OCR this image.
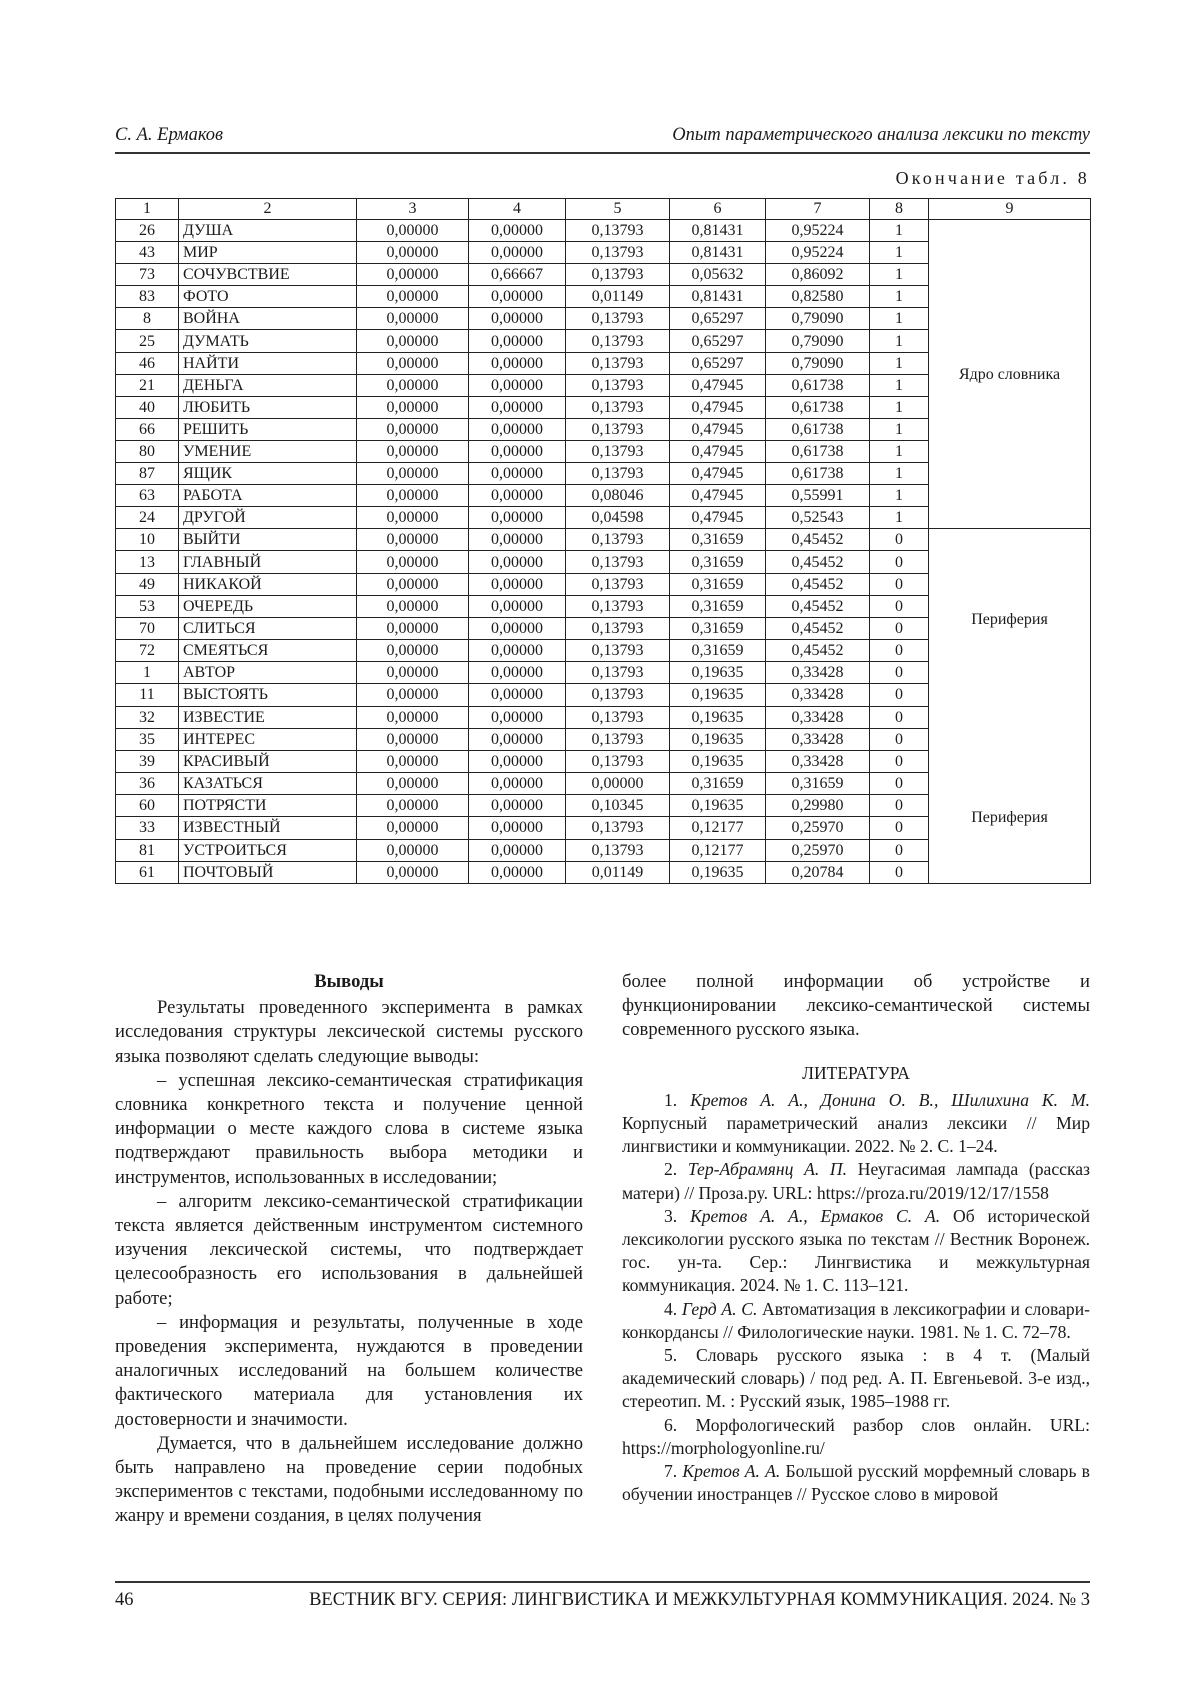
С. А. Ермаков	Опыт параметрического анализа лексики по тексту
Окончание табл. 8
1	2	3	4	5	6	7	8	9
26	ДУША	0,00000	0,00000	0,13793	0,81431	0,95224	1	Ядро словника

43	МИР	0,00000	0,00000	0,13793	0,81431	0,95224	1	
73	СОЧУВСТВИЕ	0,00000	0,66667	0,13793	0,05632	0,86092	1	
83	ФОТО	0,00000	0,00000	0,01149	0,81431	0,82580	1	
8	ВОЙНА	0,00000	0,00000	0,13793	0,65297	0,79090	1	
25	ДУМАТЬ	0,00000	0,00000	0,13793	0,65297	0,79090	1	
46	НАЙТИ	0,00000	0,00000	0,13793	0,65297	0,79090	1	
21	ДЕНЬГА	0,00000	0,00000	0,13793	0,47945	0,61738	1	
40	ЛЮБИТЬ	0,00000	0,00000	0,13793	0,47945	0,61738	1	
66	РЕШИТЬ	0,00000	0,00000	0,13793	0,47945	0,61738	1	
80	УМЕНИЕ	0,00000	0,00000	0,13793	0,47945	0,61738	1	
87	ЯЩИК	0,00000	0,00000	0,13793	0,47945	0,61738	1	
63	РАБОТА	0,00000	0,00000	0,08046	0,47945	0,55991	1	
24	ДРУГОЙ	0,00000	0,00000	0,04598	0,47945	0,52543	1	
10	ВЫЙТИ	0,00000	0,00000	0,13793	0,31659	0,45452	0	Периферия
Периферия

13	ГЛАВНЫЙ	0,00000	0,00000	0,13793	0,31659	0,45452	0	
49	НИКАКОЙ	0,00000	0,00000	0,13793	0,31659	0,45452	0	
53	ОЧЕРЕДЬ	0,00000	0,00000	0,13793	0,31659	0,45452	0	
70	СЛИТЬСЯ	0,00000	0,00000	0,13793	0,31659	0,45452	0	
72	СМЕЯТЬСЯ	0,00000	0,00000	0,13793	0,31659	0,45452	0	
1	АВТОР	0,00000	0,00000	0,13793	0,19635	0,33428	0	
11	ВЫСТОЯТЬ	0,00000	0,00000	0,13793	0,19635	0,33428	0	
32	ИЗВЕСТИЕ	0,00000	0,00000	0,13793	0,19635	0,33428	0	
35	ИНТЕРЕС	0,00000	0,00000	0,13793	0,19635	0,33428	0	
39	КРАСИВЫЙ	0,00000	0,00000	0,13793	0,19635	0,33428	0	
36	КАЗАТЬСЯ	0,00000	0,00000	0,00000	0,31659	0,31659	0	
60	ПОТРЯСТИ	0,00000	0,00000	0,10345	0,19635	0,29980	0	
33	ИЗВЕСТНЫЙ	0,00000	0,00000	0,13793	0,12177	0,25970	0	
81	УСТРОИТЬСЯ	0,00000	0,00000	0,13793	0,12177	0,25970	0	
61	ПОЧТОВЫЙ	0,00000	0,00000	0,01149	0,19635	0,20784	0	
Выводы

Результаты проведенного эксперимента в рамках исследования структуры лексической системы русского языка позволяют сделать следующие выводы:

– успешная лексико-семантическая стратификация словника конкретного текста и получение ценной информации о месте каждого слова в системе языка подтверждают правильность выбора методики и инструментов, использованных в исследовании;

– алгоритм лексико-семантической стратификации текста является действенным инструментом системного изучения лексической системы, что подтверждает целесообразность его использования в дальнейшей работе;

– информация и результаты, полученные в ходе проведения эксперимента, нуждаются в проведении аналогичных исследований на большем количестве фактического материала для установления их достоверности и значимости.

Думается, что в дальнейшем исследование должно быть направлено на проведение серии подобных экспериментов с текстами, подобными исследованному по жанру и времени создания, в целях получения

более полной информации об устройстве и функционировании лексико-семантической системы современного русского языка.

ЛИТЕРАТУРА

1. Кретов А. А., Донина О. В., Шилихина К. М. Корпусный параметрический анализ лексики // Мир лингвистики и коммуникации. 2022. № 2. С. 1–24.

2. Тер-Абрамянц А. П. Неугасимая лампада (рассказ матери) // Проза.ру. URL: https://proza.ru/2019/12/17/1558

3. Кретов А. А., Ермаков С. А. Об исторической лексикологии русского языка по текстам // Вестник Воронеж. гос. ун-та. Сер.: Лингвистика и межкультурная коммуникация. 2024. № 1. С. 113–121.

4. Герд А. С. Автоматизация в лексикографии и словари-конкордансы // Филологические науки. 1981. № 1. С. 72–78.

5. Словарь русского языка : в 4 т. (Малый академический словарь) / под ред. А. П. Евгеньевой. 3-е изд., стереотип. М. : Русский язык, 1985–1988 гг.

6. Морфологический разбор слов онлайн. URL: https://morphologyonline.ru/

7. Кретов А. А. Большой русский морфемный словарь в обучении иностранцев // Русское слово в мировой

46	ВЕСТНИК ВГУ. СЕРИЯ: ЛИНГВИСТИКА И МЕЖКУЛЬТУРНАЯ КОММУНИКАЦИЯ. 2024. № 3
